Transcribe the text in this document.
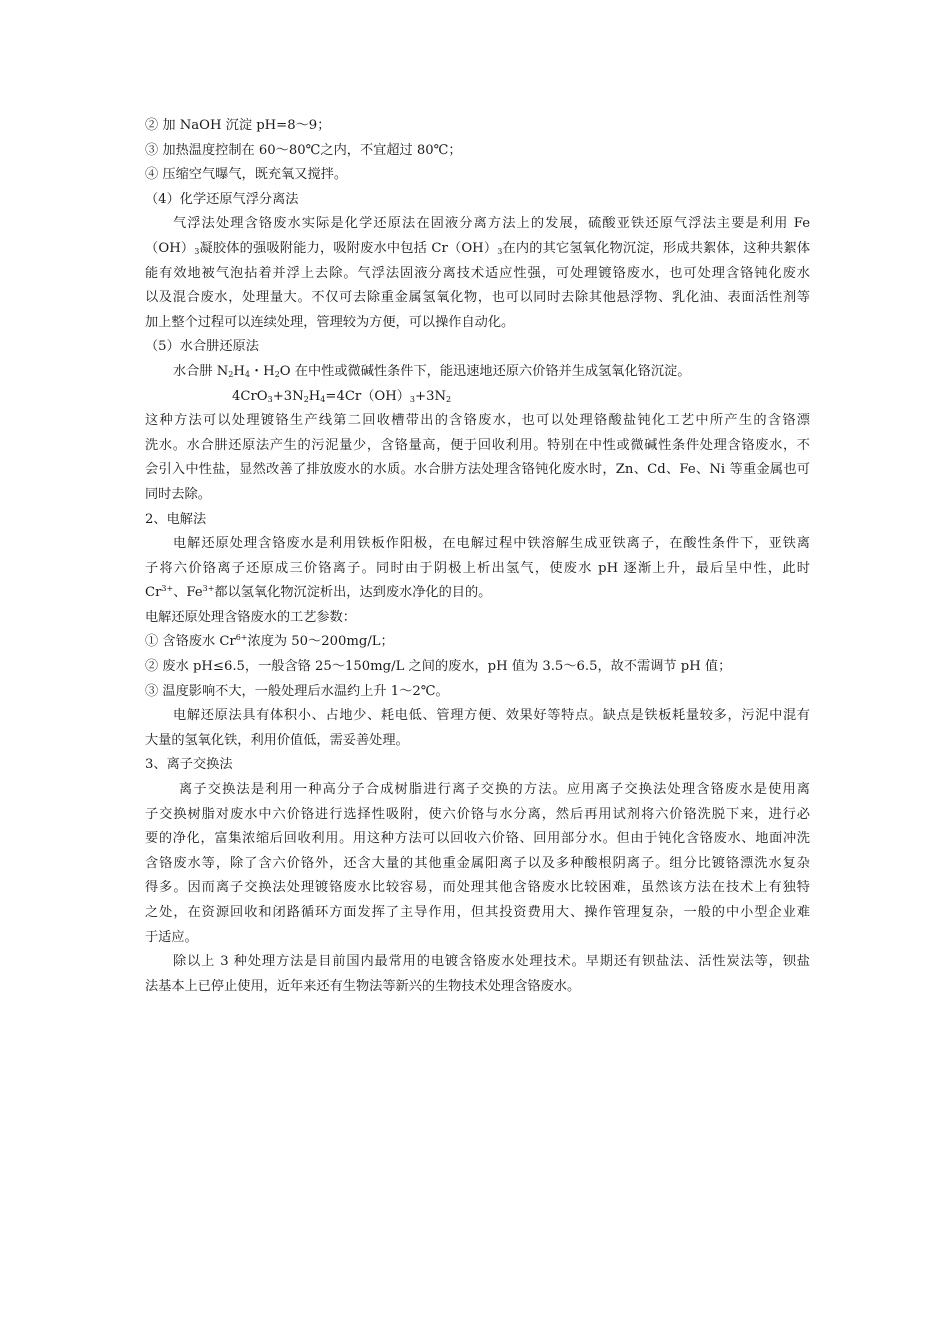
② 加 NaOH 沉淀 pH=8～9；
③ 加热温度控制在 60～80℃之内，不宜超过 80℃；
④ 压缩空气曝气，既充氧又搅拌。
（4）化学还原气浮分离法
气浮法处理含铬废水实际是化学还原法在固液分离方法上的发展，硫酸亚铁还原气浮法主要是利用 Fe
$(OH)_3$凝胶体的强吸附能力，吸附废水中包括 $Cr(OH)_3$在内的其它氢氧化物沉淀，形成共絮体，这种共絮体
能有效地被气泡拈着并浮上去除。气浮法固液分离技术适应性强，可处理镀铬废水，也可处理含铬钝化废水
以及混合废水，处理量大。不仅可去除重金属氢氧化物，也可以同时去除其他悬浮物、乳化油、表面活性剂等
加上整个过程可以连续处理，管理较为方便，可以操作自动化。
（5）水合肼还原法
水合肼 $N_2H_4$・$H_2O$ 在中性或微碱性条件下，能迅速地还原六价铬并生成氢氧化铬沉淀。
$4CrO_3+3N_2H_4=4Cr(OH)_3+3N_2$
这种方法可以处理镀铬生产线第二回收槽带出的含铬废水，也可以处理铬酸盐钝化工艺中所产生的含铬漂
洗水。水合肼还原法产生的污泥量少，含铬量高，便于回收利用。特别在中性或微碱性条件处理含铬废水，不
会引入中性盐，显然改善了排放废水的水质。水合肼方法处理含铬钝化废水时，Zn、Cd、Fe、Ni 等重金属也可
同时去除。
2、电解法
电解还原处理含铬废水是利用铁板作阳极，在电解过程中铁溶解生成亚铁离子，在酸性条件下，亚铁离
子将六价铬离子还原成三价铬离子。同时由于阴极上析出氢气，使废水 pH 逐渐上升，最后呈中性，此时
$Cr^{3+}$、$Fe^{3+}$都以氢氧化物沉淀析出，达到废水净化的目的。
电解还原处理含铬废水的工艺参数：
① 含铬废水 $Cr^{6+}$浓度为 50～200mg/L；
② 废水 pH≤6.5，一般含铬 25～150mg/L 之间的废水，pH 值为 3.5～6.5，故不需调节 pH 值；
③ 温度影响不大，一般处理后水温约上升 1～2℃。
电解还原法具有体积小、占地少、耗电低、管理方便、效果好等特点。缺点是铁板耗量较多，污泥中混有
大量的氢氧化铁，利用价值低，需妥善处理。
3、离子交换法
离子交换法是利用一种高分子合成树脂进行离子交换的方法。应用离子交换法处理含铬废水是使用离
子交换树脂对废水中六价铬进行选择性吸附，使六价铬与水分离，然后再用试剂将六价铬洗脱下来，进行必
要的净化，富集浓缩后回收利用。用这种方法可以回收六价铬、回用部分水。但由于钝化含铬废水、地面冲洗
含铬废水等，除了含六价铬外，还含大量的其他重金属阳离子以及多种酸根阴离子。组分比镀铬漂洗水复杂
得多。因而离子交换法处理镀铬废水比较容易，而处理其他含铬废水比较困难，虽然该方法在技术上有独特
之处，在资源回收和闭路循环方面发挥了主导作用，但其投资费用大、操作管理复杂，一般的中小型企业难
于适应。
除以上 3 种处理方法是目前国内最常用的电镀含铬废水处理技术。早期还有钡盐法、活性炭法等，钡盐
法基本上已停止使用，近年来还有生物法等新兴的生物技术处理含铬废水。
